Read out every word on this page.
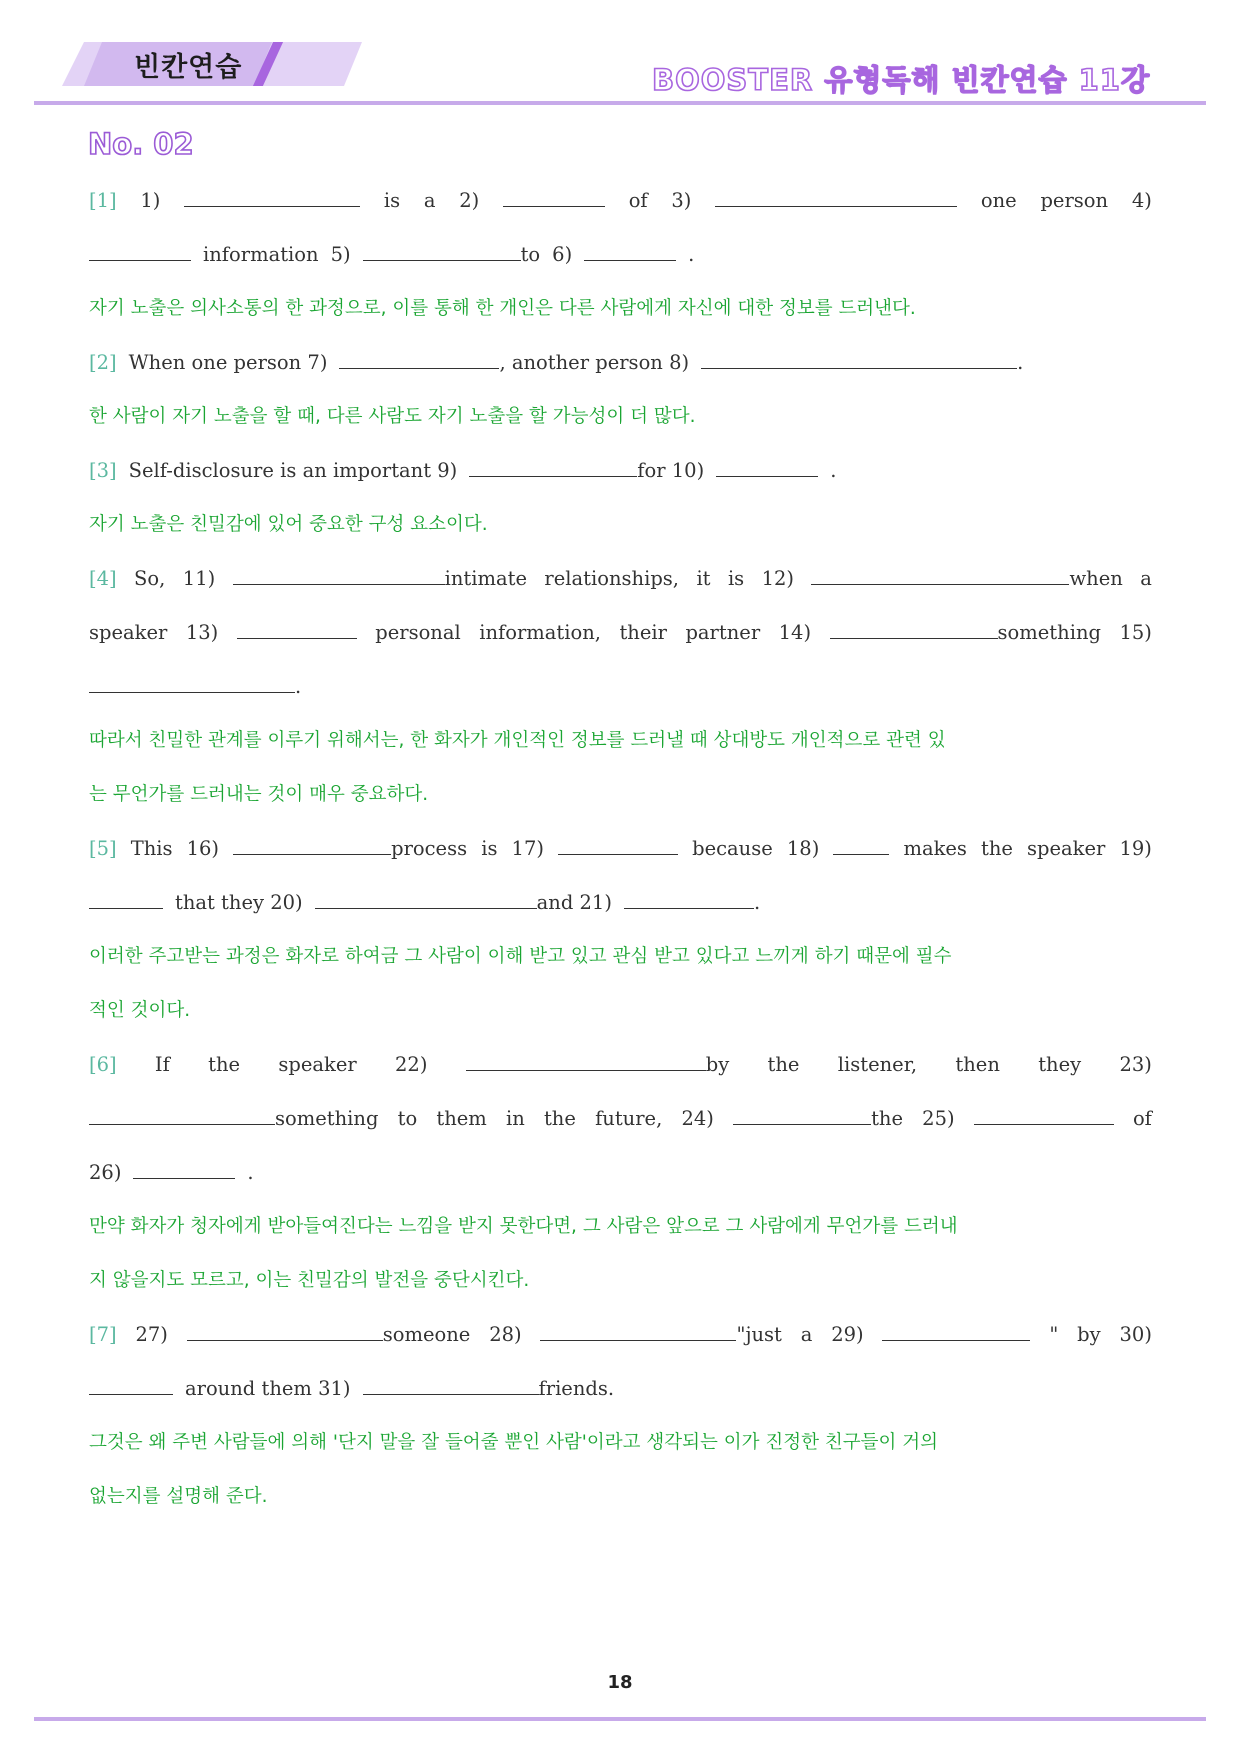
빈칸연습	BOOSTER 유형독해 빈칸연습 11강
No. 02
[1] 1)	is a 2)	of 3)	one person 4)
information 5)	to 6)	.
자기 노출은 의사소통의 한 과정으로, 이를 통해 한 개인은 다른 사람에게 자신에 대한 정보를 드러낸다.
[2] When one person 7)	, another person 8)	.
한 사람이 자기 노출을 할 때, 다른 사람도 자기 노출을 할 가능성이 더 많다.
[3] Self-disclosure is an important 9)	for 10)	.
자기 노출은 친밀감에 있어 중요한 구성 요소이다.
[4] So, 11)	intimate relationships, it is 12)	when a
speaker 13)	personal information, their partner 14)	something 15)
.
따라서 친밀한 관계를 이루기 위해서는, 한 화자가 개인적인 정보를 드러낼 때 상대방도 개인적으로 관련 있
는 무언가를 드러내는 것이 매우 중요하다.
[5] This 16)	process is 17)	because 18)	makes the speaker 19)
that they 20)	and 21)	.
이러한 주고받는 과정은 화자로 하여금 그 사람이 이해 받고 있고 관심 받고 있다고 느끼게 하기 때문에 필수
적인 것이다.
[6] If the speaker 22)	by the listener, then they 23)
something to them in the future, 24)	the 25)	of
26)	.
만약 화자가 청자에게 받아들여진다는 느낌을 받지 못한다면, 그 사람은 앞으로 그 사람에게 무언가를 드러내
지 않을지도 모르고, 이는 친밀감의 발전을 중단시킨다.
[7] 27)	someone 28)	"just a 29)	" by 30)
around them 31)	friends.
그것은 왜 주변 사람들에 의해 '단지 말을 잘 들어줄 뿐인 사람'이라고 생각되는 이가 진정한 친구들이 거의
없는지를 설명해 준다.
18
